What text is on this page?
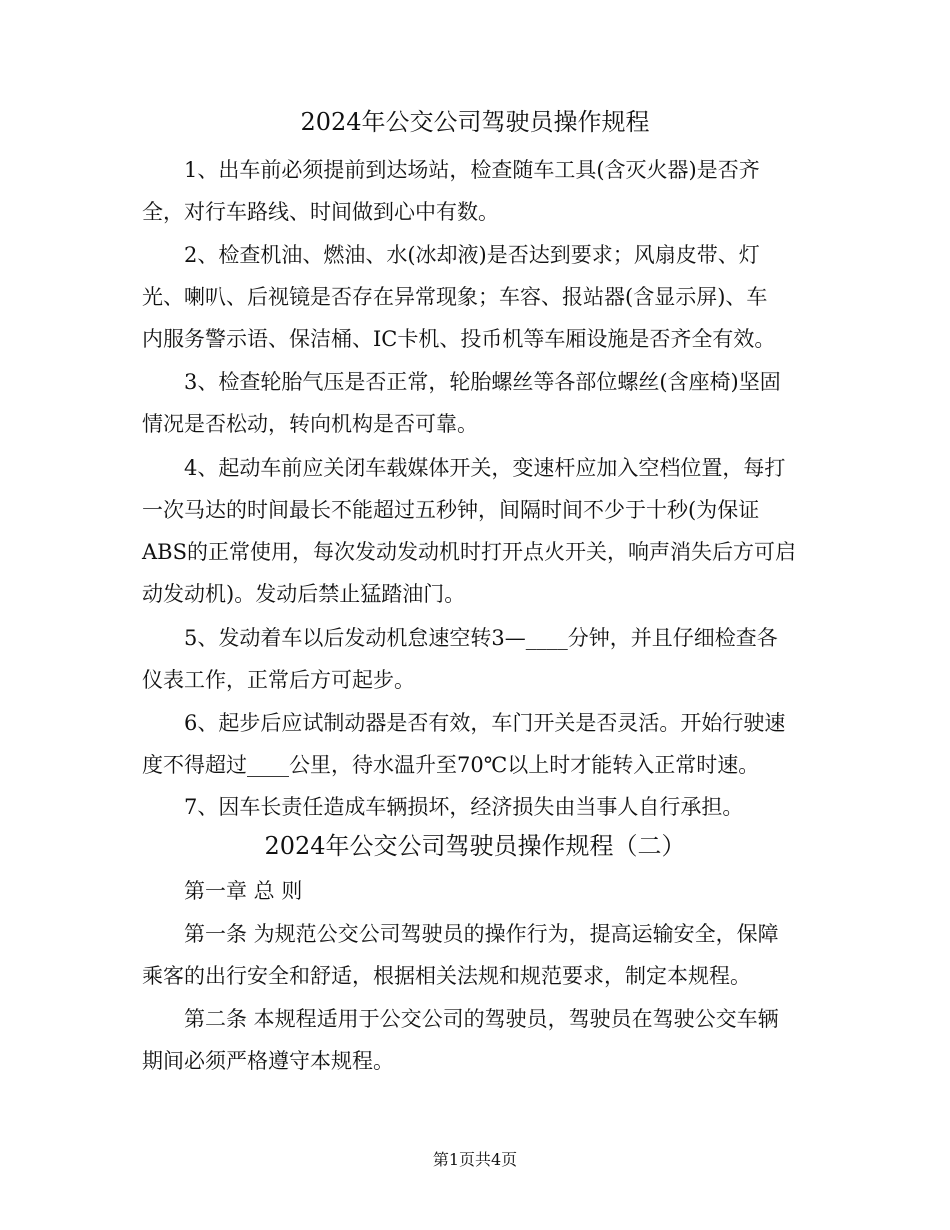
2024年公交公司驾驶员操作规程
1、出车前必须提前到达场站，检查随车工具(含灭火器)是否齐
全，对行车路线、时间做到心中有数。
2、检查机油、燃油、水(冰却液)是否达到要求；风扇皮带、灯
光、喇叭、后视镜是否存在异常现象；车容、报站器(含显示屏)、车
内服务警示语、保洁桶、IC卡机、投币机等车厢设施是否齐全有效。
3、检查轮胎气压是否正常，轮胎螺丝等各部位螺丝(含座椅)坚固
情况是否松动，转向机构是否可靠。
4、起动车前应关闭车载媒体开关，变速杆应加入空档位置，每打
一次马达的时间最长不能超过五秒钟，间隔时间不少于十秒(为保证
ABS的正常使用，每次发动发动机时打开点火开关，响声消失后方可启
动发动机)。发动后禁止猛踏油门。
5、发动着车以后发动机怠速空转3—____分钟，并且仔细检查各
仪表工作，正常后方可起步。
6、起步后应试制动器是否有效，车门开关是否灵活。开始行驶速
度不得超过____公里，待水温升至70℃以上时才能转入正常时速。
7、因车长责任造成车辆损坏，经济损失由当事人自行承担。
2024年公交公司驾驶员操作规程（二）
第一章 总 则
第一条 为规范公交公司驾驶员的操作行为，提高运输安全，保障
乘客的出行安全和舒适，根据相关法规和规范要求，制定本规程。
第二条 本规程适用于公交公司的驾驶员，驾驶员在驾驶公交车辆
期间必须严格遵守本规程。
第1页共4页
